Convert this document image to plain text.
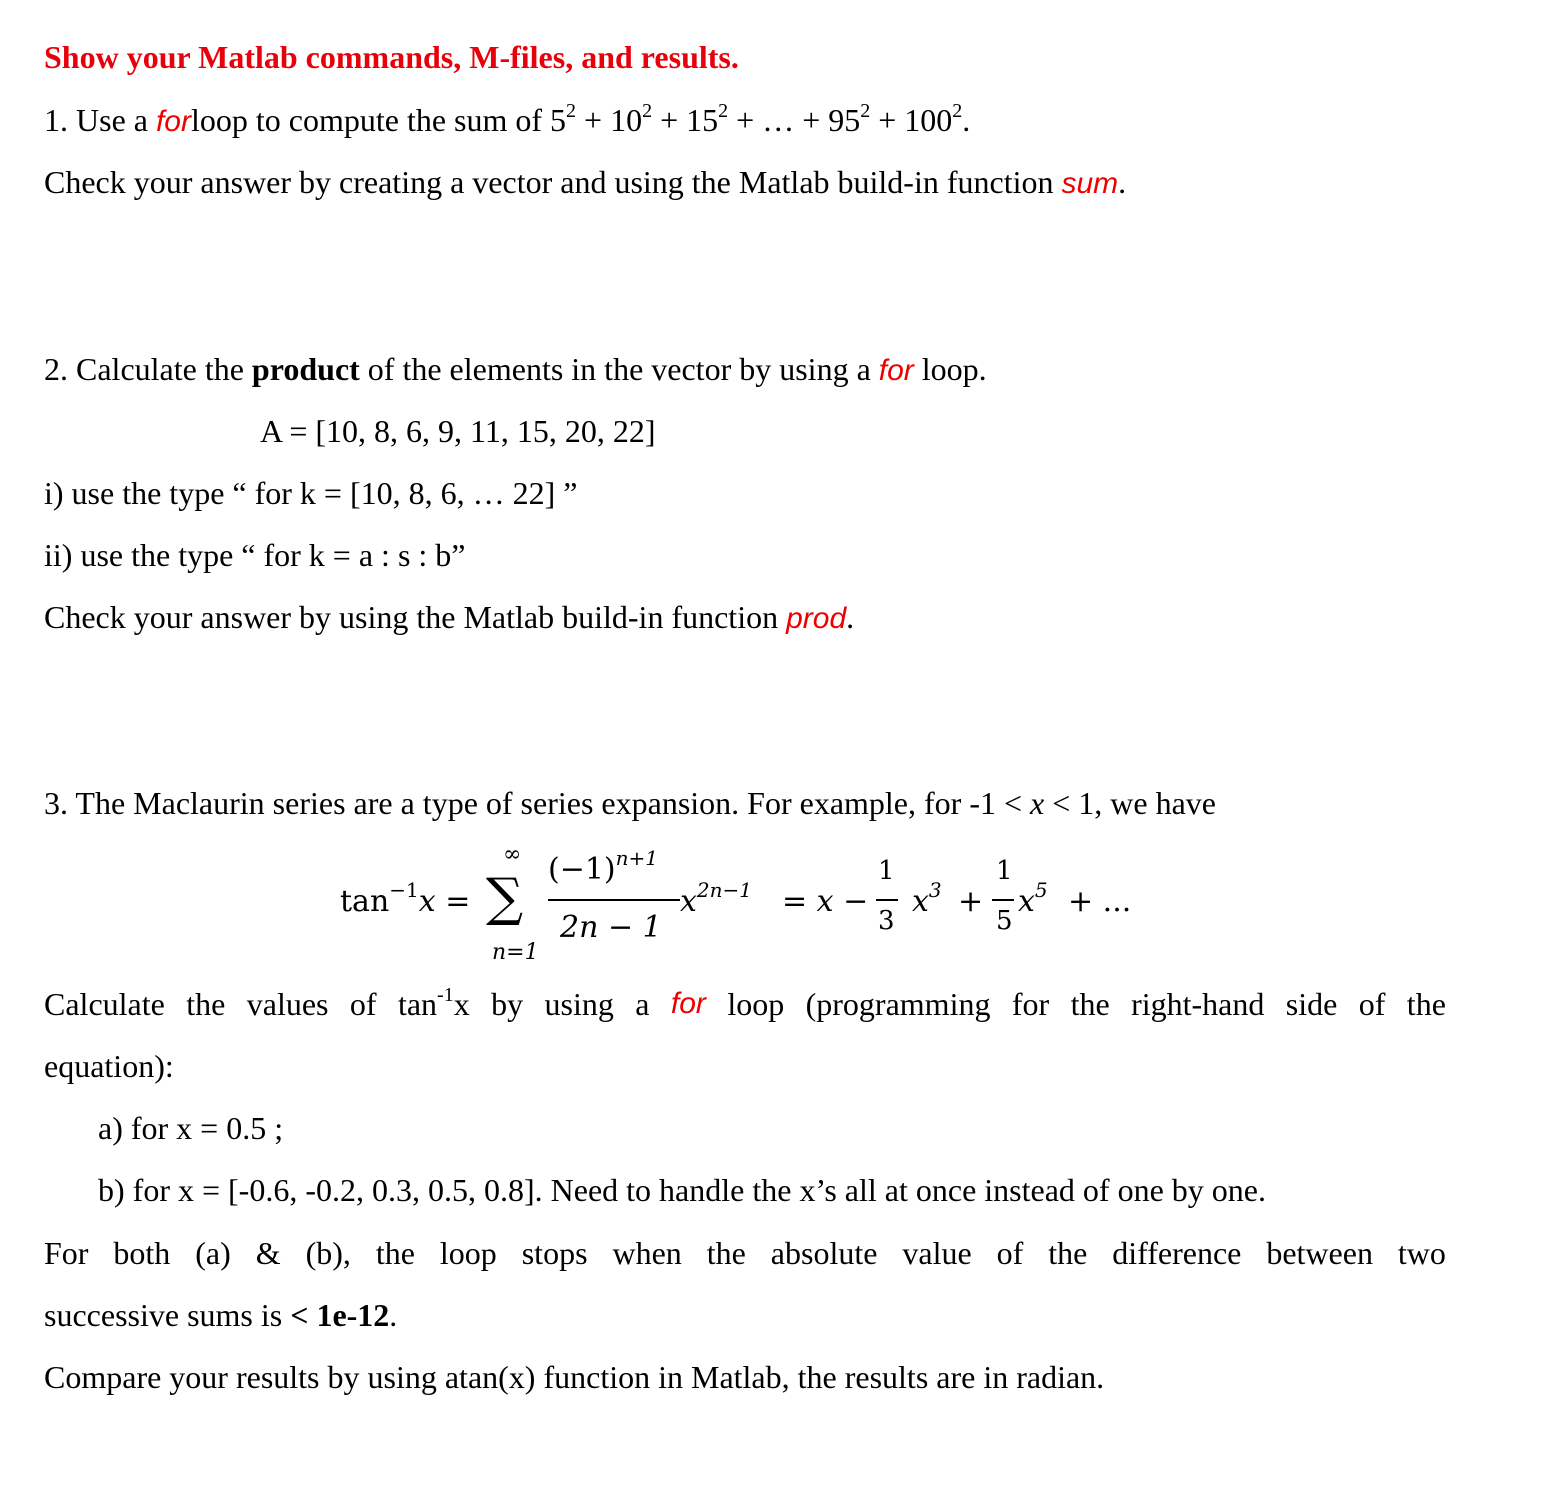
Show your Matlab commands, M-files, and results.
1. Use a forloop to compute the sum of $5^2 + 10^2 + 15^2$ + … + $95^2 + 100^2$.
Check your answer by creating a vector and using the Matlab build-in function sum.
2. Calculate the product of the elements in the vector by using a for loop.
A = [10, 8, 6, 9, 11, 15, 20, 22]
i) use the type “ for k = [10, 8, 6, … 22] ”
ii) use the type “ for k = a : s : b”
Check your answer by using the Matlab build-in function prod.
3. The Maclaurin series are a type of series expansion. For example, for -1 < x < 1, we have
$\tan^{-1}x$ =
∞
∑
n=1
$(-1)^{n+1}$
2n − 1
$x^{2n-1} = x$ −
1
3
$x^3$ +
1
5
$x^5$ + ...
Calculate the values of $\tan^{-1}x$ by using a for loop (programming for the right-hand side of the
equation):
a) for x = 0.5 ;
b) for x = [-0.6, -0.2, 0.3, 0.5, 0.8]. Need to handle the x’s all at once instead of one by one.
For both (a) & (b), the loop stops when the absolute value of the difference between two
successive sums is < 1e-12.
Compare your results by using atan(x) function in Matlab, the results are in radian.
